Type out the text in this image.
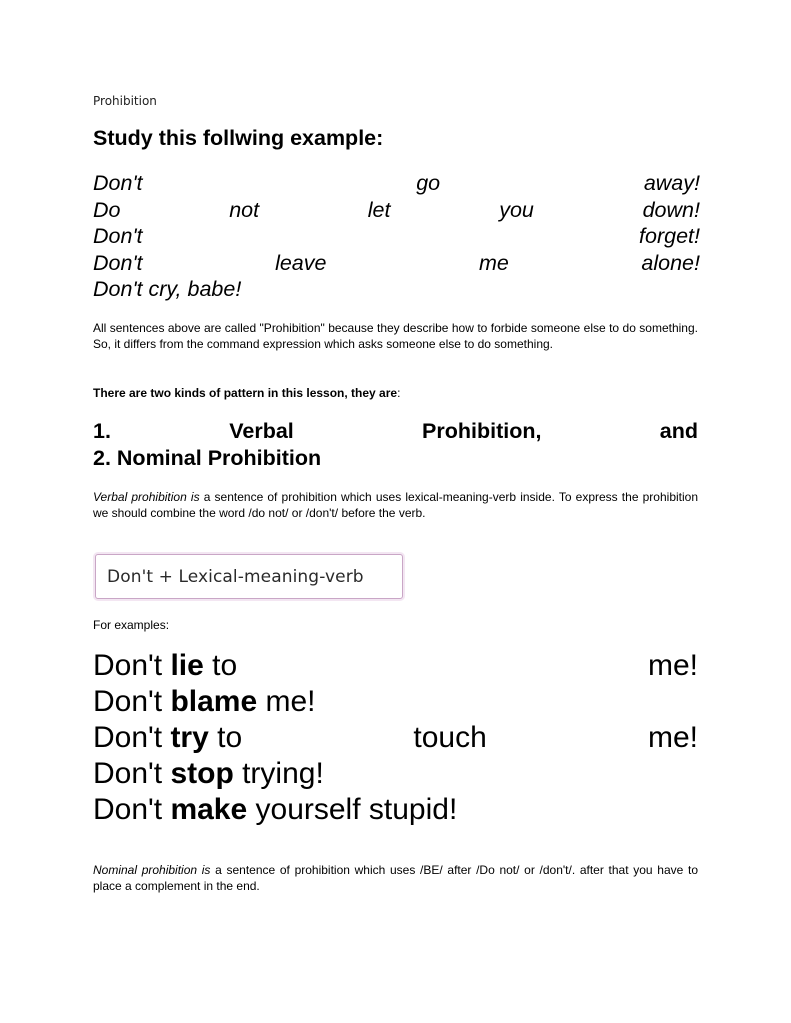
Prohibition
Study this follwing example:
Don't	go	away!
Do	not	let	you	down!
Don't	forget!
Don't	leave	me	alone!
Don't cry, babe!
All sentences above are called "Prohibition" because they describe how to forbide someone else to do something. So, it differs from the command expression which asks someone else to do something.
There are two kinds of pattern in this lesson, they are:
1.	Verbal	Prohibition,	and
2. Nominal Prohibition
Verbal prohibition is a sentence of prohibition which uses lexical-meaning-verb inside. To express the prohibition we should combine the word /do not/ or /don't/ before the verb.
Don't + Lexical-meaning-verb
For examples:
Don't lie to	me!
Don't blame me!
Don't try to	touch	me!
Don't stop trying!
Don't make yourself stupid!
Nominal prohibition is a sentence of prohibition which uses /BE/ after /Do not/ or /don't/. after that you have to place a complement in the end.
